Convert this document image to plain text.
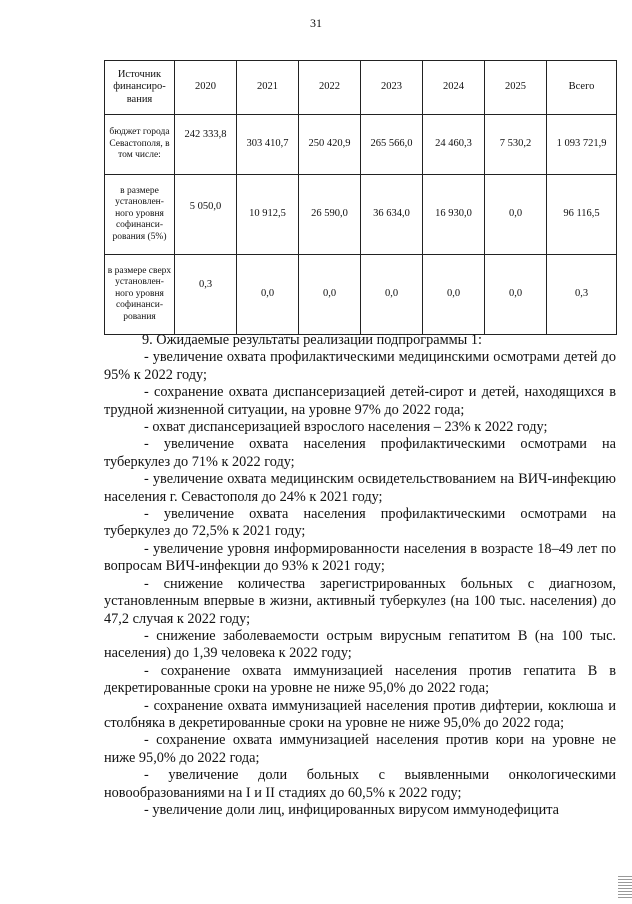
31
Источник финансиро-вания	2020	2021	2022	2023	2024	2025	Всего
бюджет города Севастополя, в том числе:	242 333,8	303 410,7	250 420,9	265 566,0	24 460,3	7 530,2	1 093 721,9
в размере установлен-ного уровня софинанси-рования (5%)	5 050,0	10 912,5	26 590,0	36 634,0	16 930,0	0,0	96 116,5
в размере сверх установлен-ного уровня софинанси-рования	0,3	0,0	0,0	0,0	0,0	0,0	0,3

9. Ожидаемые результаты реализации подпрограммы 1:

- увеличение охвата профилактическими медицинскими осмотрами детей до 95% к 2022 году;

- сохранение охвата диспансеризацией детей-сирот и детей, находящихся в трудной жизненной ситуации, на уровне 97% до 2022 года;

- охват диспансеризацией взрослого населения – 23% к 2022 году;

- увеличение охвата населения профилактическими осмотрами на туберкулез до 71% к 2022 году;

- увеличение охвата медицинским освидетельствованием на ВИЧ-инфекцию населения г. Севастополя до 24% к 2021 году;

- увеличение охвата населения профилактическими осмотрами на туберкулез до 72,5% к 2021 году;

- увеличение уровня информированности населения в возрасте 18–49 лет по вопросам ВИЧ-инфекции до 93% к 2021 году;

- снижение количества зарегистрированных больных с диагнозом, установленным впервые в жизни, активный туберкулез (на 100 тыс. населения) до 47,2 случая к 2022 году;

- снижение заболеваемости острым вирусным гепатитом В (на 100 тыс. населения) до 1,39 человека к 2022 году;

- сохранение охвата иммунизацией населения против гепатита В в декретированные сроки на уровне не ниже 95,0% до 2022 года;

- сохранение охвата иммунизацией населения против дифтерии, коклюша и столбняка в декретированные сроки на уровне не ниже 95,0% до 2022 года;

- сохранение охвата иммунизацией населения против кори на уровне не ниже 95,0% до 2022 года;

- увеличение доли больных с выявленными онкологическими новообразованиями на I и II стадиях до 60,5% к 2022 году;

- увеличение доли лиц, инфицированных вирусом иммунодефицита
